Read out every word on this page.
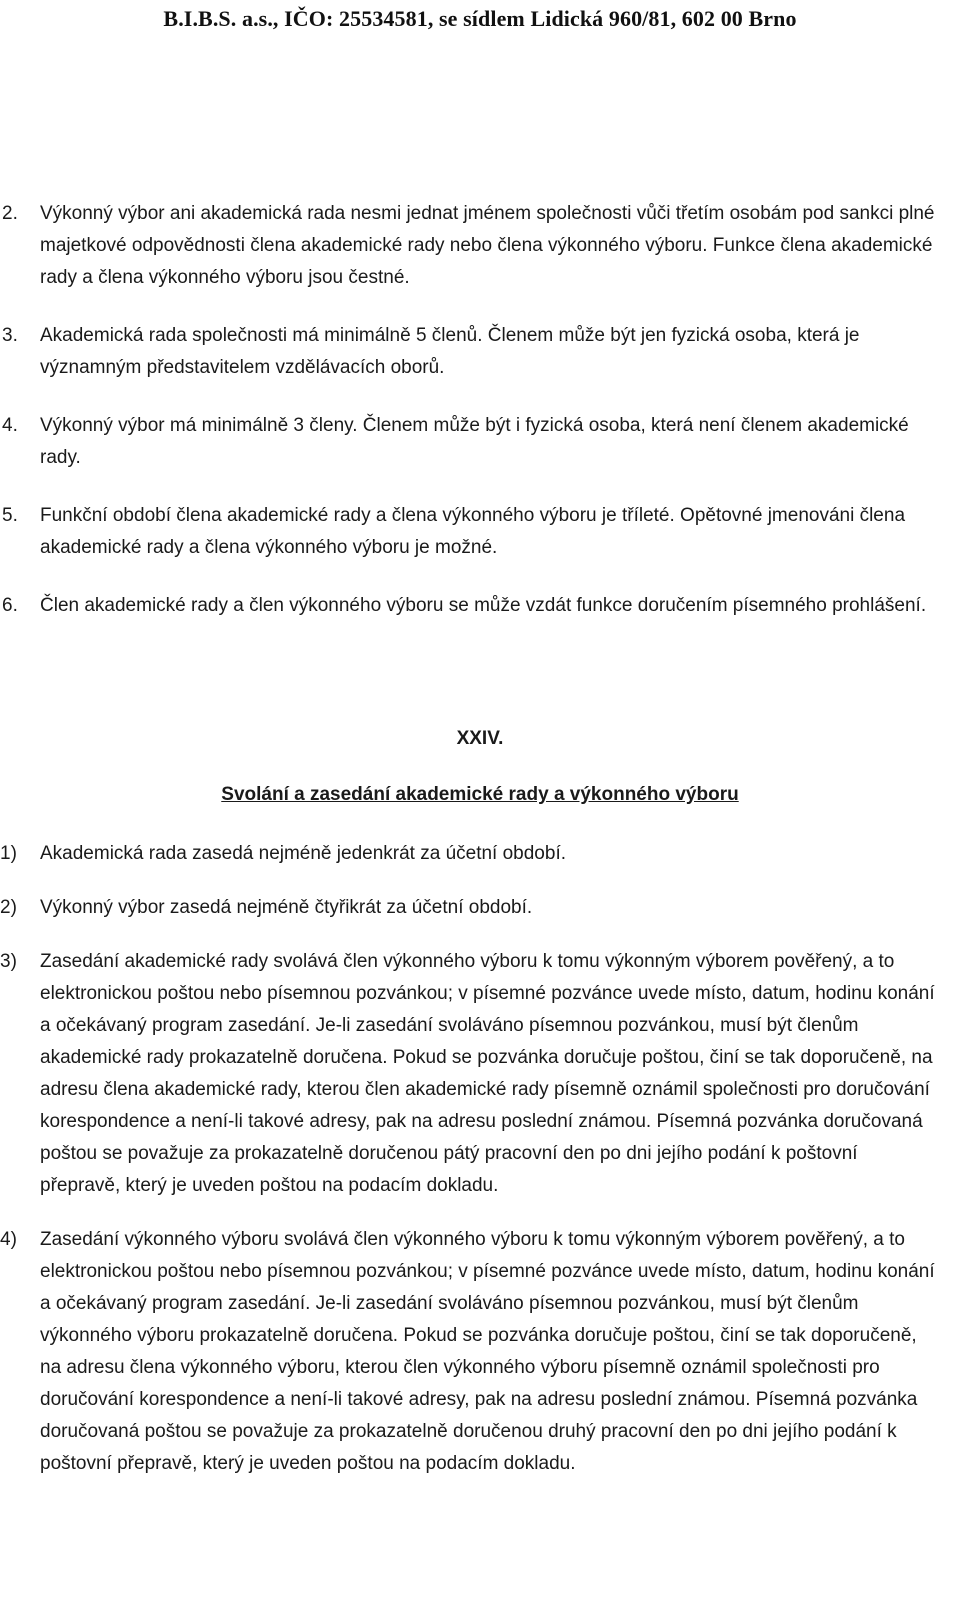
B.I.B.S. a.s., IČO: 25534581, se sídlem Lidická 960/81, 602 00 Brno
2.	Výkonný výbor ani akademická rada nesmi jednat jménem společnosti vůči třetím osobám pod sankci plné majetkové odpovědnosti člena akademické rady nebo člena výkonného výboru. Funkce člena akademické rady a člena výkonného výboru jsou čestné.
3.	Akademická rada společnosti má minimálně 5 členů. Členem může být jen fyzická osoba, která je významným představitelem vzdělávacích oborů.
4.	Výkonný výbor má minimálně 3 členy. Členem může být i fyzická osoba, která není členem akademické rady.
5.	Funkční období člena akademické rady a člena výkonného výboru je tříleté. Opětovné jmenováni člena akademické rady a člena výkonného výboru je možné.
6.	Člen akademické rady a člen výkonného výboru se může vzdát funkce doručením písemného prohlášení.
XXIV.
Svolání a zasedání akademické rady a výkonného výboru
1)	Akademická rada zasedá nejméně jedenkrát za účetní období.
2)	Výkonný výbor zasedá nejméně čtyřikrát za účetní období.
3)	Zasedání akademické rady svolává člen výkonného výboru k tomu výkonným výborem pověřený, a to elektronickou poštou nebo písemnou pozvánkou; v písemné pozvánce uvede místo, datum, hodinu konání a očekávaný program zasedání. Je-li zasedání svoláváno písemnou pozvánkou, musí být členům akademické rady prokazatelně doručena. Pokud se pozvánka doručuje poštou, činí se tak doporučeně, na adresu člena akademické rady, kterou člen akademické rady písemně oznámil společnosti pro doručování korespondence a není-li takové adresy, pak na adresu poslední známou. Písemná pozvánka doručovaná poštou se považuje za prokazatelně doručenou pátý pracovní den po dni jejího podání k poštovní přepravě, který je uveden poštou na podacím dokladu.
4)	Zasedání výkonného výboru svolává člen výkonného výboru k tomu výkonným výborem pověřený, a to elektronickou poštou nebo písemnou pozvánkou; v písemné pozvánce uvede místo, datum, hodinu konání a očekávaný program zasedání. Je-li zasedání svoláváno písemnou pozvánkou, musí být členům výkonného výboru prokazatelně doručena. Pokud se pozvánka doručuje poštou, činí se tak doporučeně, na adresu člena výkonného výboru, kterou člen výkonného výboru písemně oznámil společnosti pro doručování korespondence a není-li takové adresy, pak na adresu poslední známou. Písemná pozvánka doručovaná poštou se považuje za prokazatelně doručenou druhý pracovní den po dni jejího podání k poštovní přepravě, který je uveden poštou na podacím dokladu.
